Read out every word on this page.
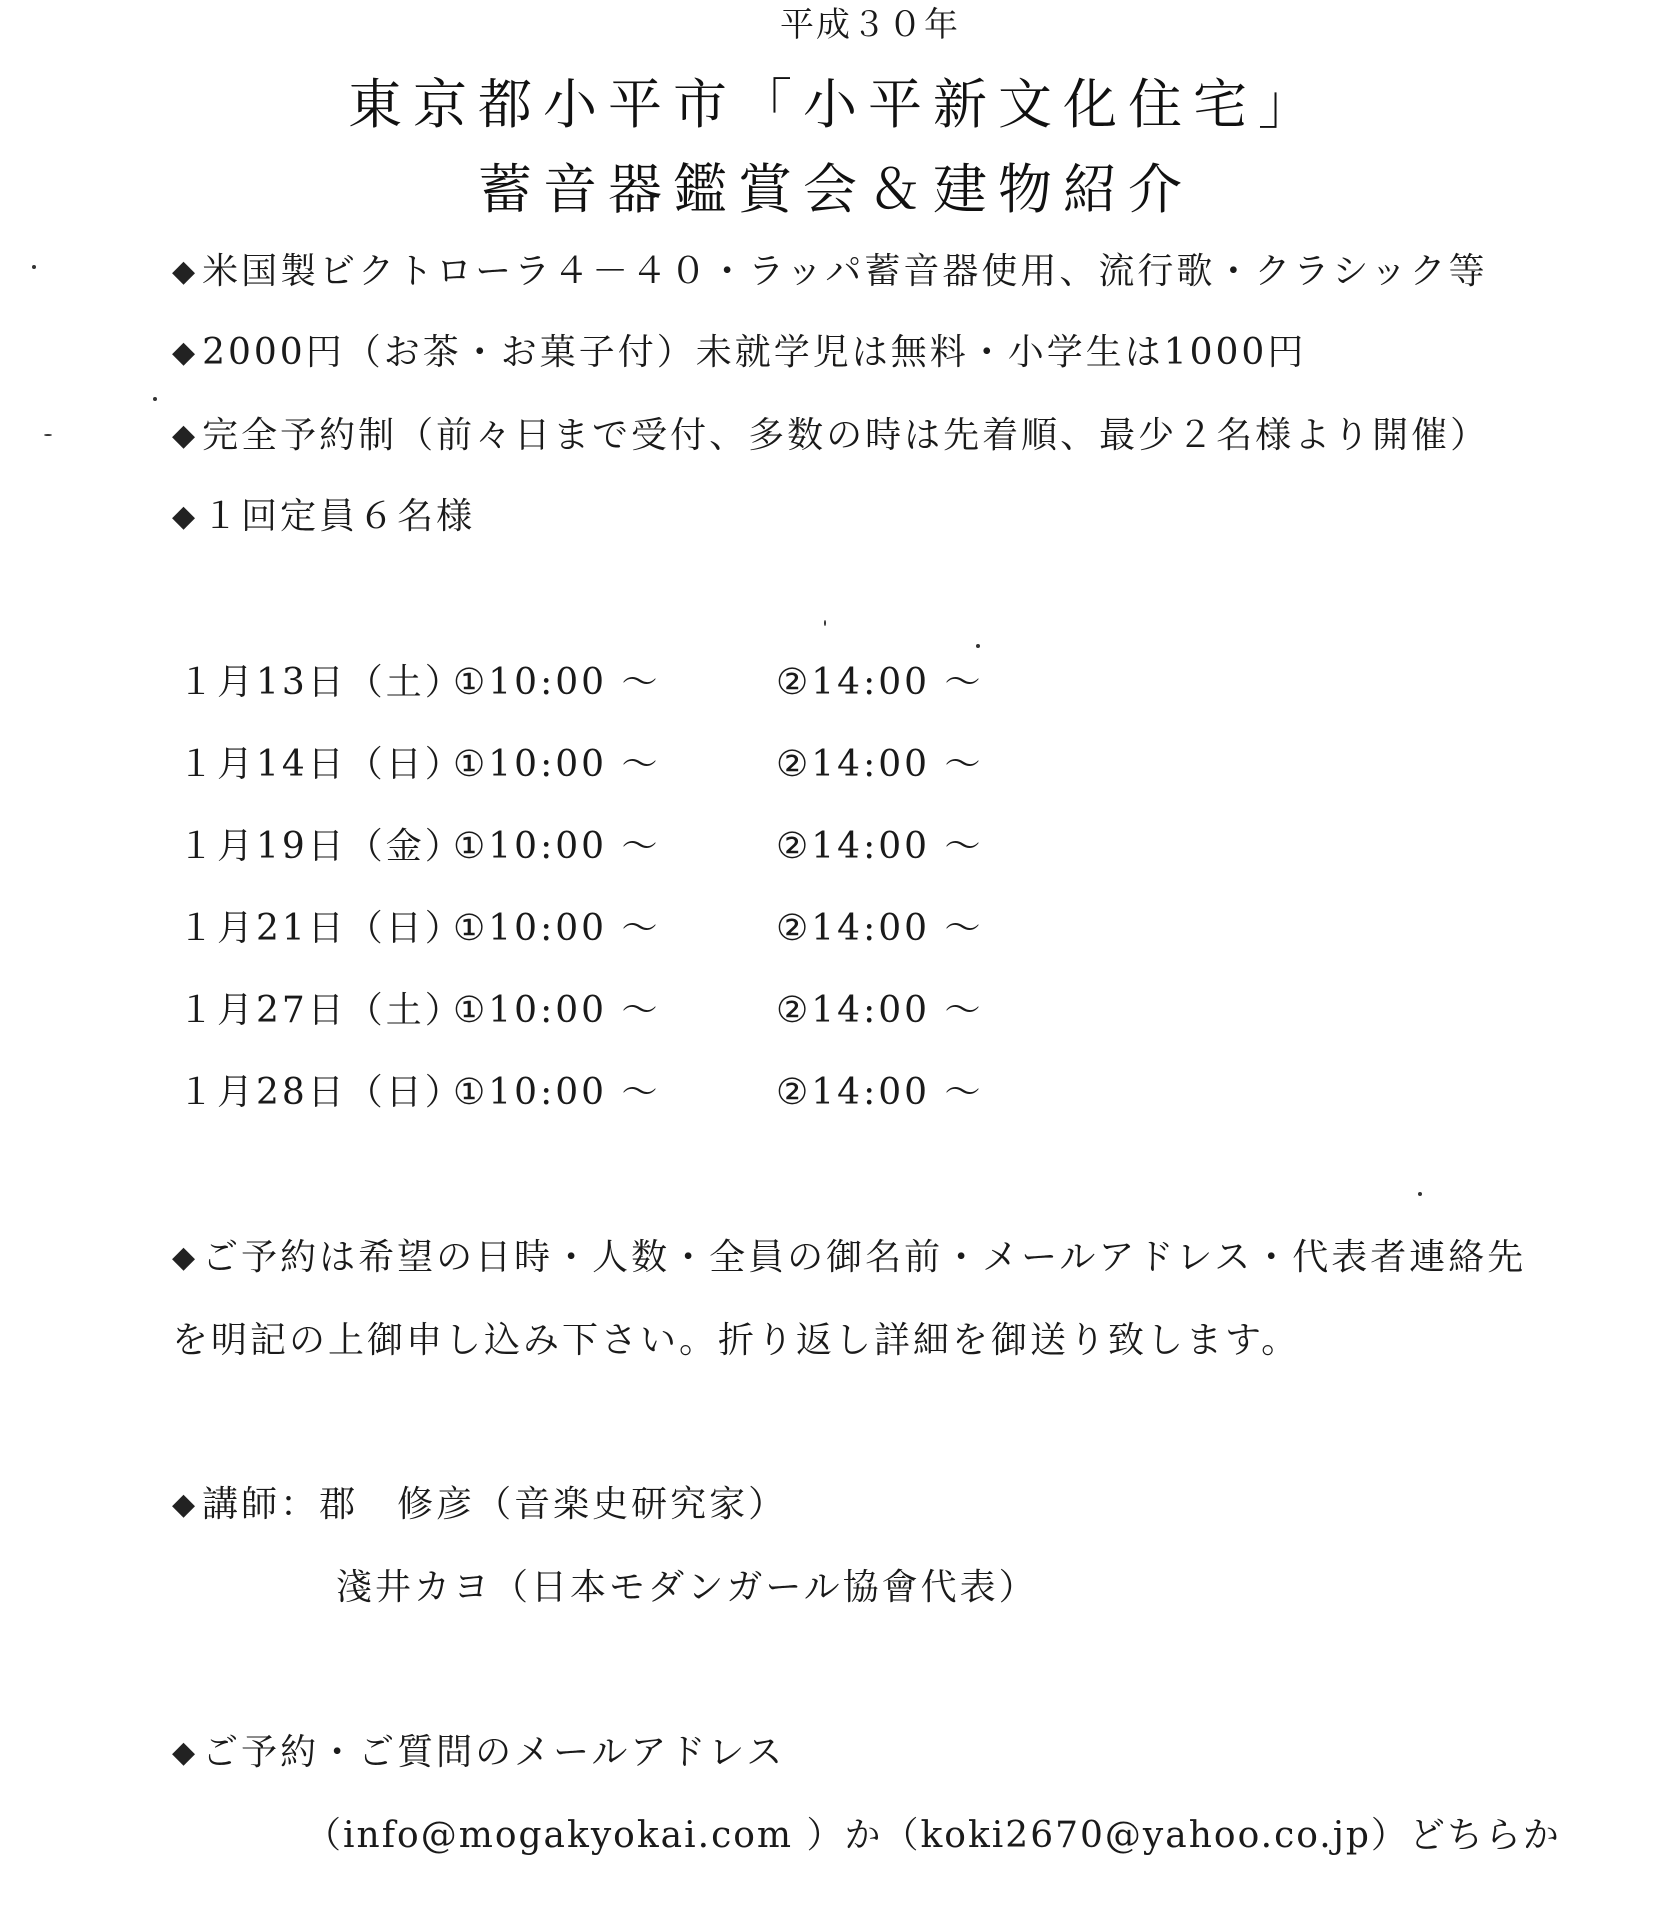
平成３０年
東京都小平市「小平新文化住宅」
蓄音器鑑賞会＆建物紹介
◆ 米国製ビクトローラ４－４０・ラッパ蓄音器使用、流行歌・クラシック等
◆ 2000円（お茶・お菓子付）未就学児は無料・小学生は1000円
◆ 完全予約制（前々日まで受付、多数の時は先着順、最少２名様より開催）
◆ １回定員６名様
１月13日（土）①10:00 ～	②14:00 ～
１月14日（日）①10:00 ～	②14:00 ～
１月19日（金）①10:00 ～	②14:00 ～
１月21日（日）①10:00 ～	②14:00 ～
１月27日（土）①10:00 ～	②14:00 ～
１月28日（日）①10:00 ～	②14:00 ～
◆ ご予約は希望の日時・人数・全員の御名前・メールアドレス・代表者連絡先
を明記の上御申し込み下さい。折り返し詳細を御送り致します。
◆ 講師：郡　修彦（音楽史研究家）
淺井カヨ（日本モダンガール協會代表）
◆ ご予約・ご質問のメールアドレス
（info@mogakyokai.com ）か（koki2670@yahoo.co.jp）どちらか
